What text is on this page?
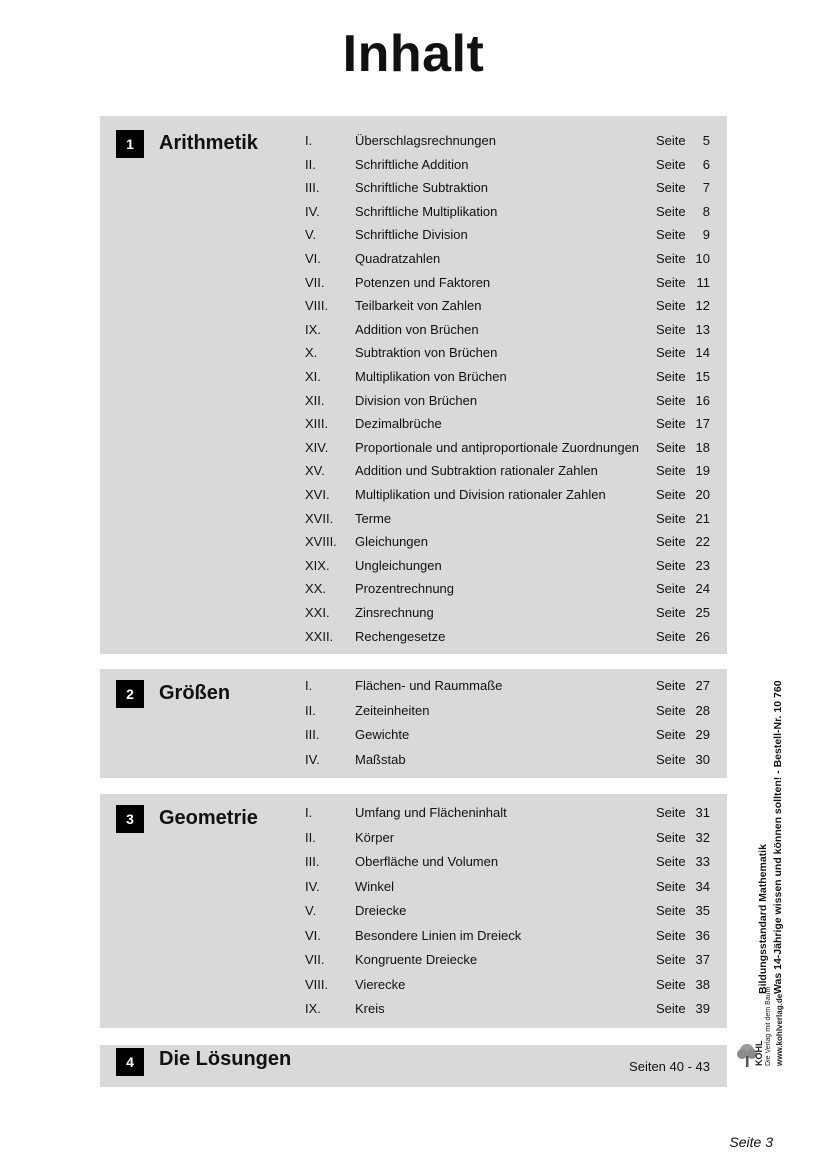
Inhalt
1	Arithmetik	I.	Überschlagsrechnungen	Seite 5
II.	Schriftliche Addition	Seite 6
III.	Schriftliche Subtraktion	Seite 7
IV.	Schriftliche Multiplikation	Seite 8
V.	Schriftliche Division	Seite 9
VI.	Quadratzahlen	Seite 10
VII. Potenzen und Faktoren	Seite 11
VIII. Teilbarkeit von Zahlen	Seite 12
IX.	Addition von Brüchen	Seite 13
X.	Subtraktion von Brüchen	Seite 14
XI.	Multiplikation von Brüchen	Seite 15
XII. Division von Brüchen	Seite 16
XIII. Dezimalbrüche	Seite 17
XIV. Proportionale und antiproportionale Zuordnungen Seite 18
XV. Addition und Subtraktion rationaler Zahlen	Seite 19
XVI. Multiplikation und Division rationaler Zahlen	Seite 20
XVII. Terme	Seite 21
XVIII. Gleichungen	Seite 22
XIX. Ungleichungen	Seite 23
XX. Prozentrechnung	Seite 24
XXI. Zinsrechnung	Seite 25
XXII. Rechengesetze	Seite 26
2	Größen	I.	Flächen- und Raummaße	Seite 27
II.	Zeiteinheiten	Seite 28
III.	Gewichte	Seite 29
IV.	Maßstab	Seite 30
3	Geometrie	I.	Umfang und Flächeninhalt	Seite 31
II.	Körper	Seite 32
III.	Oberfläche und Volumen	Seite 33
IV.	Winkel	Seite 34
V.	Dreiecke	Seite 35
VI.	Besondere Linien im Dreieck	Seite 36
VII. Kongruente Dreiecke	Seite 37
VIII. Vierecke	Seite 38
IX.	Kreis	Seite 39
4	Die Lösungen	Seiten 40 - 43
Bildungsstandard Mathematik Was 14-Jährige wissen und können sollten! - Bestell-Nr. 10 760
KOHL Die Verlag mit dem Baum www.kohlverlag.de
Seite 3
